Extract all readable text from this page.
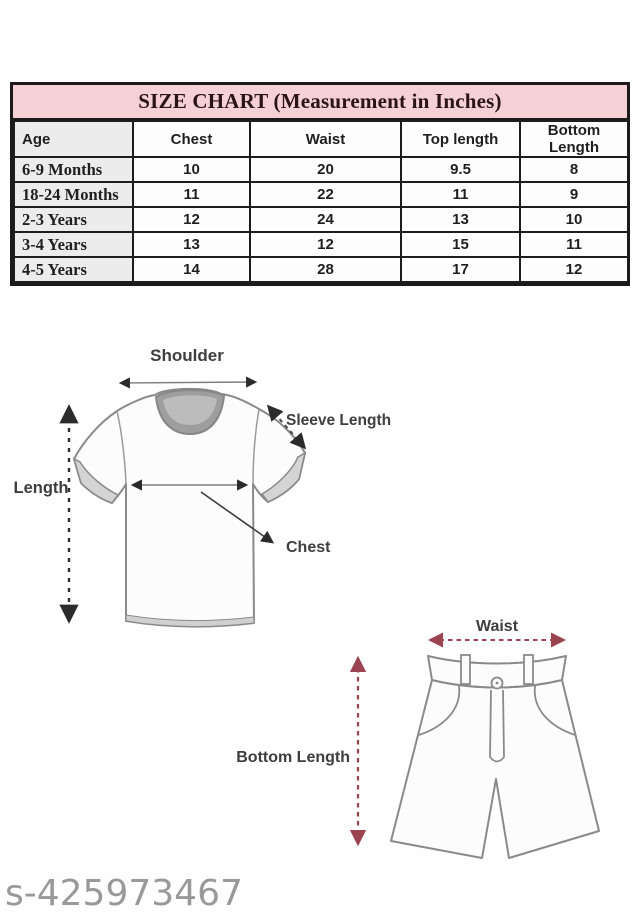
SIZE CHART (Measurement in Inches)
Age	Chest	Waist	Top length	Bottom Length
6-9 Months	10	20	9.5	8
18-24 Months	11	22	11	9
2-3 Years	12	24	13	10
3-4 Years	13	12	15	11
4-5 Years	14	28	17	12
Shoulder
Length
Sleeve Length
Chest
Waist
Bottom Length
s-425973467
